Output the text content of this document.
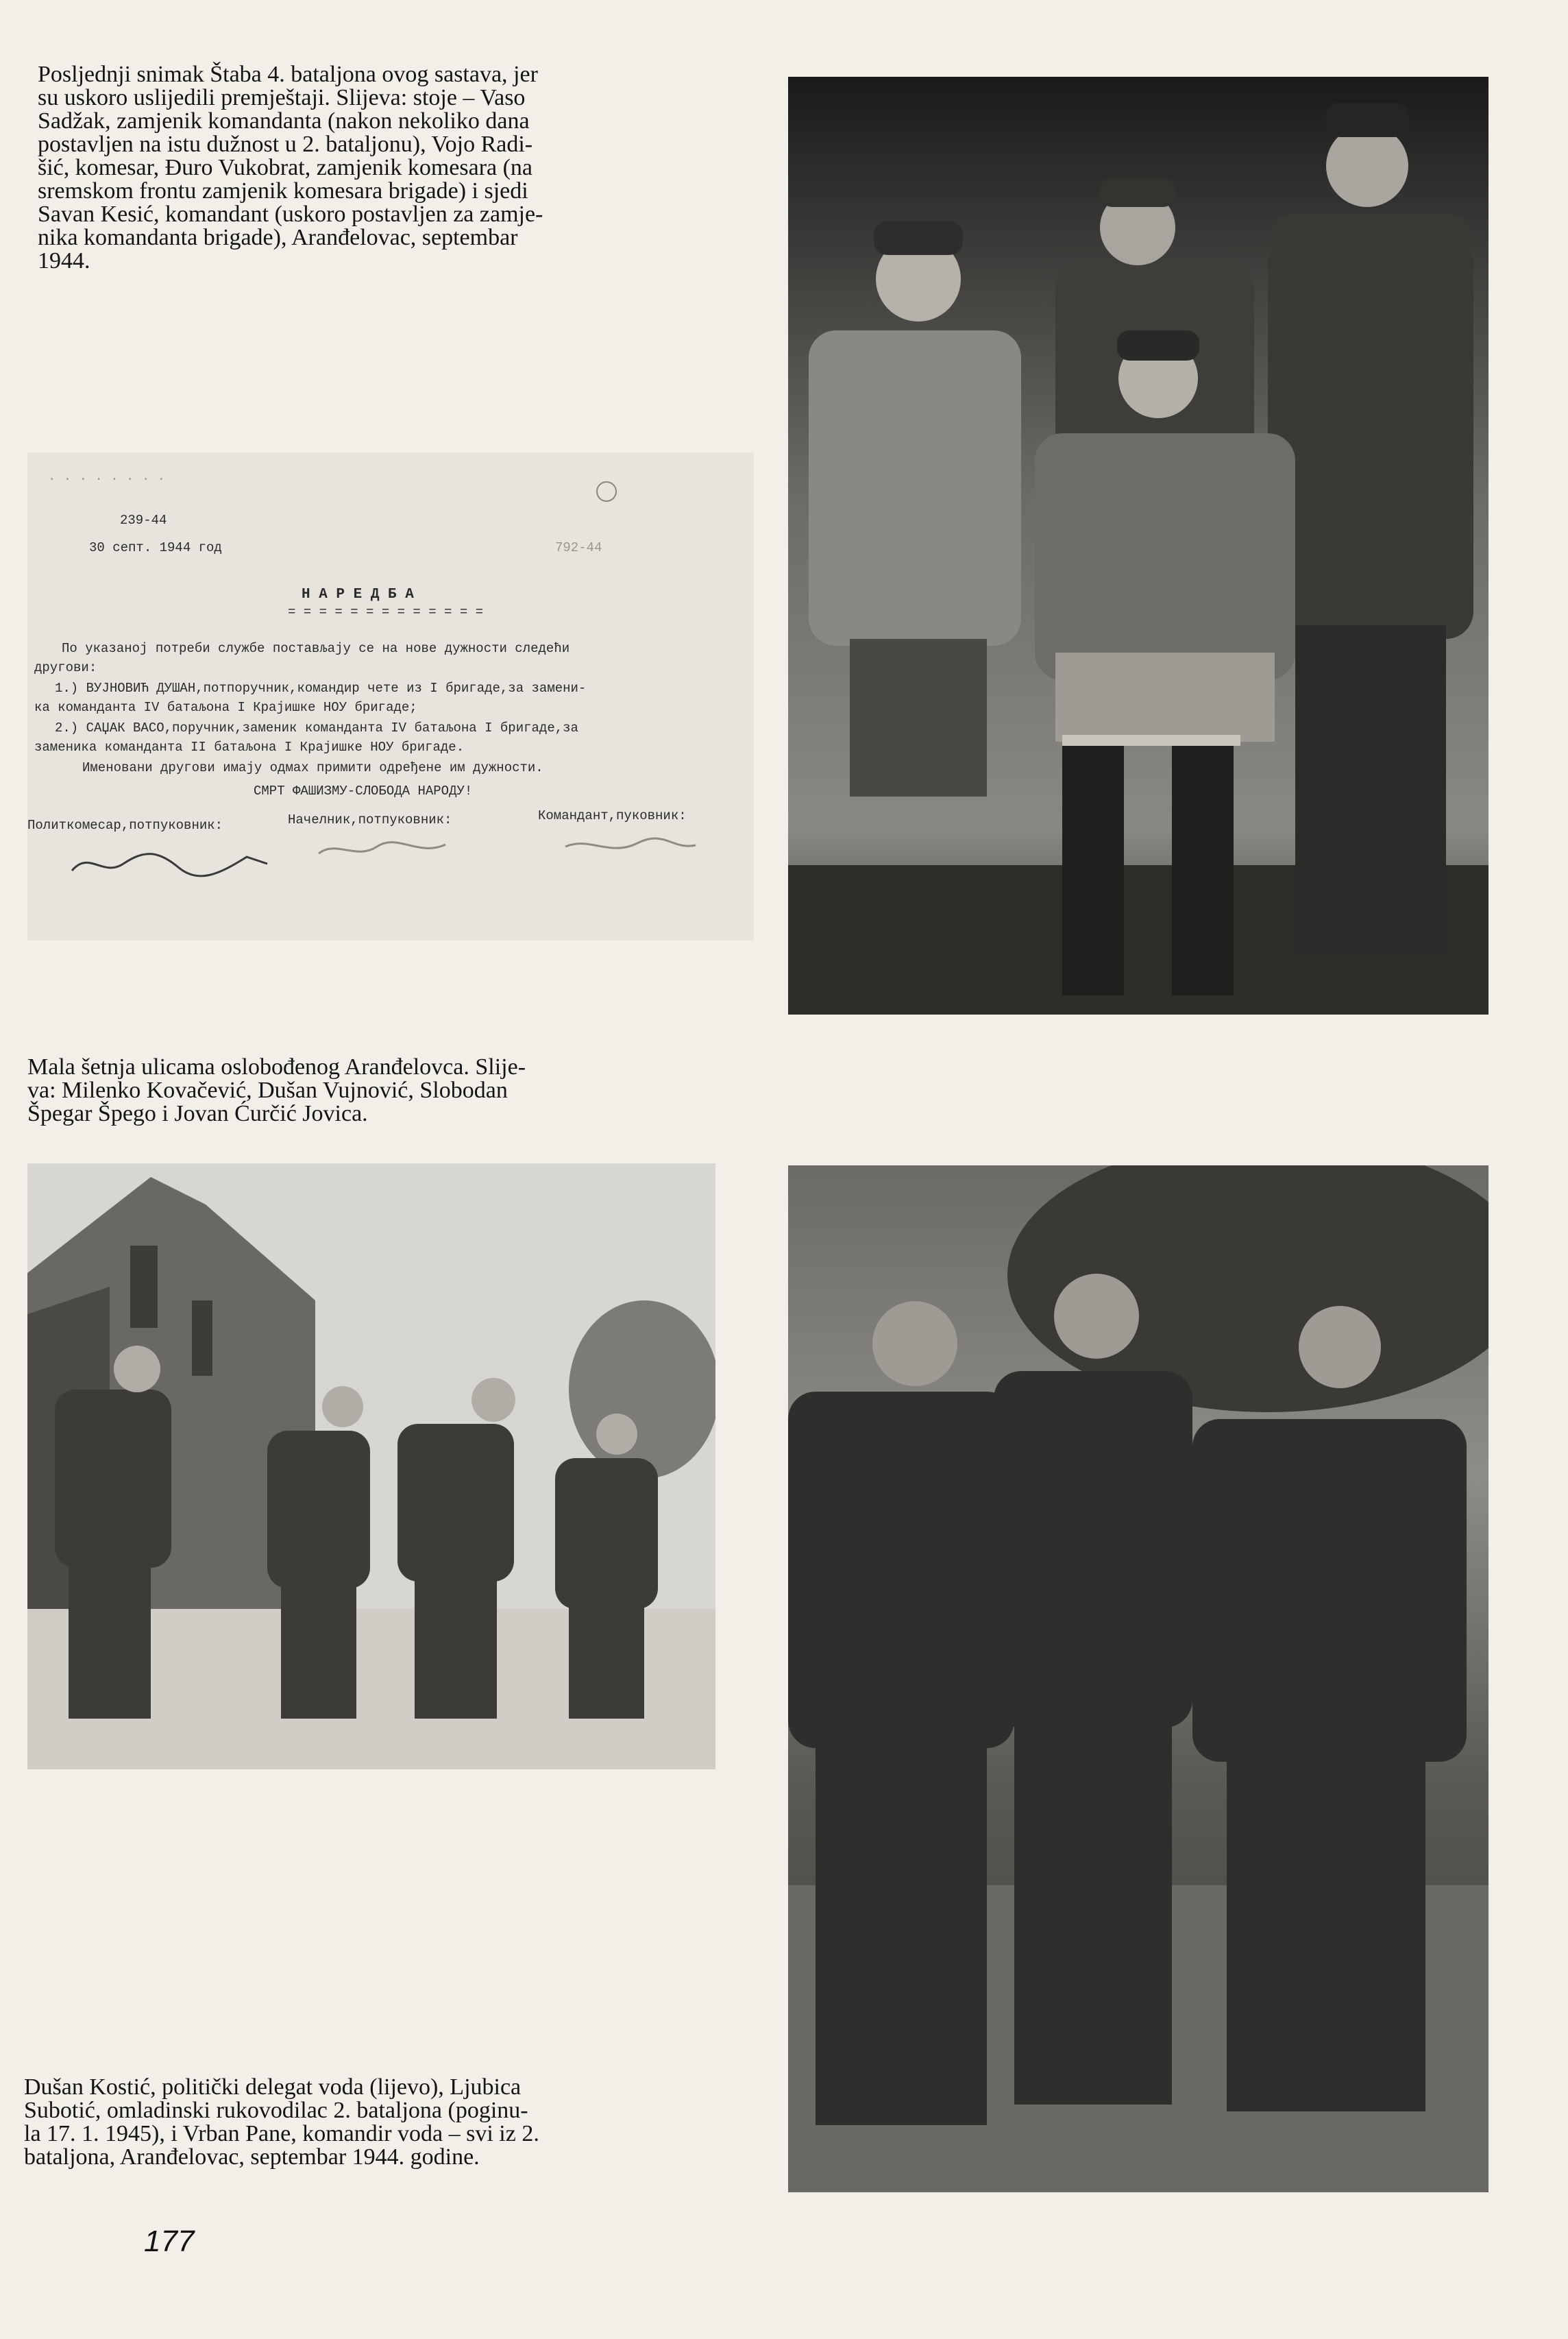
Posljednji snimak Štaba 4. bataljona ovog sastava, jer
su uskoro uslijedili premještaji. Slijeva: stoje – Vaso
Sadžak, zamjenik komandanta (nakon nekoliko dana
postavljen na istu dužnost u 2. bataljonu), Vojo Radi-
šić, komesar, Đuro Vukobrat, zamjenik komesara (na
sremskom frontu zamjenik komesara brigade) i sjedi
Savan Kesić, komandant (uskoro postavljen za zamje-
nika komandanta brigade), Aranđelovac, septembar
1944.

· · · · · · · ·
239-44
30 септ. 1944 год	792-44
Н А Р Е Д Б А
= = = = = = = = = = = = =
По указаној потреби службе постављају се на нове дужности следећи
другови:
1.) ВУЈНОВИЋ ДУШАН,потпоручник,командир чете из I бригаде,за замени-
ка команданта IV батаљона I Крајишке НОУ бригаде;
2.) САЏАК ВАСО,поручник,заменик команданта IV батаљона I бригаде,за
заменика команданта II батаљона I Крајишке НОУ бригаде.
Именовани другови имају одмах примити одређене им дужности.
СМРТ ФАШИЗМУ-СЛОБОДА НАРОДУ!
Политкомесар,потпуковник:	Начелник,потпуковник:	Командант,пуковник:

Mala šetnja ulicama oslobođenog Aranđelovca. Slije-
va: Milenko Kovačević, Dušan Vujnović, Slobodan
Špegar Špego i Jovan Ćurčić Jovica.

Dušan Kostić, politički delegat voda (lijevo), Ljubica
Subotić, omladinski rukovodilac 2. bataljona (poginu-
la 17. 1. 1945), i Vrban Pane, komandir voda – svi iz 2.
bataljona, Aranđelovac, septembar 1944. godine.

177
